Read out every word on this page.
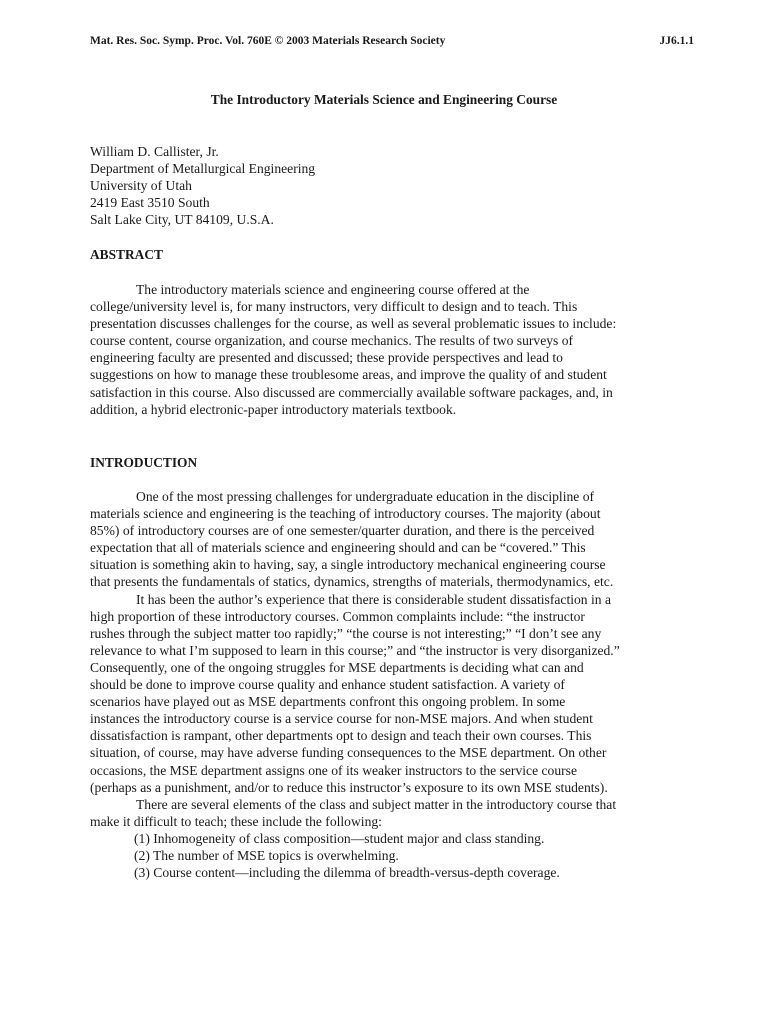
Mat. Res. Soc. Symp. Proc. Vol. 760E © 2003 Materials Research Society	JJ6.1.1
The Introductory Materials Science and Engineering Course
William D. Callister, Jr.
Department of Metallurgical Engineering
University of Utah
2419 East 3510 South
Salt Lake City, UT 84109, U.S.A.
ABSTRACT
The introductory materials science and engineering course offered at the
college/university level is, for many instructors, very difficult to design and to teach. This
presentation discusses challenges for the course, as well as several problematic issues to include:
course content, course organization, and course mechanics. The results of two surveys of
engineering faculty are presented and discussed; these provide perspectives and lead to
suggestions on how to manage these troublesome areas, and improve the quality of and student
satisfaction in this course. Also discussed are commercially available software packages, and, in
addition, a hybrid electronic-paper introductory materials textbook.
INTRODUCTION
One of the most pressing challenges for undergraduate education in the discipline of
materials science and engineering is the teaching of introductory courses. The majority (about
85%) of introductory courses are of one semester/quarter duration, and there is the perceived
expectation that all of materials science and engineering should and can be “covered.” This
situation is something akin to having, say, a single introductory mechanical engineering course
that presents the fundamentals of statics, dynamics, strengths of materials, thermodynamics, etc.
It has been the author’s experience that there is considerable student dissatisfaction in a
high proportion of these introductory courses. Common complaints include: “the instructor
rushes through the subject matter too rapidly;” “the course is not interesting;” “I don’t see any
relevance to what I’m supposed to learn in this course;” and “the instructor is very disorganized.”
Consequently, one of the ongoing struggles for MSE departments is deciding what can and
should be done to improve course quality and enhance student satisfaction. A variety of
scenarios have played out as MSE departments confront this ongoing problem. In some
instances the introductory course is a service course for non-MSE majors. And when student
dissatisfaction is rampant, other departments opt to design and teach their own courses. This
situation, of course, may have adverse funding consequences to the MSE department. On other
occasions, the MSE department assigns one of its weaker instructors to the service course
(perhaps as a punishment, and/or to reduce this instructor’s exposure to its own MSE students).
There are several elements of the class and subject matter in the introductory course that
make it difficult to teach; these include the following:
(1) Inhomogeneity of class composition—student major and class standing.
(2) The number of MSE topics is overwhelming.
(3) Course content—including the dilemma of breadth-versus-depth coverage.
